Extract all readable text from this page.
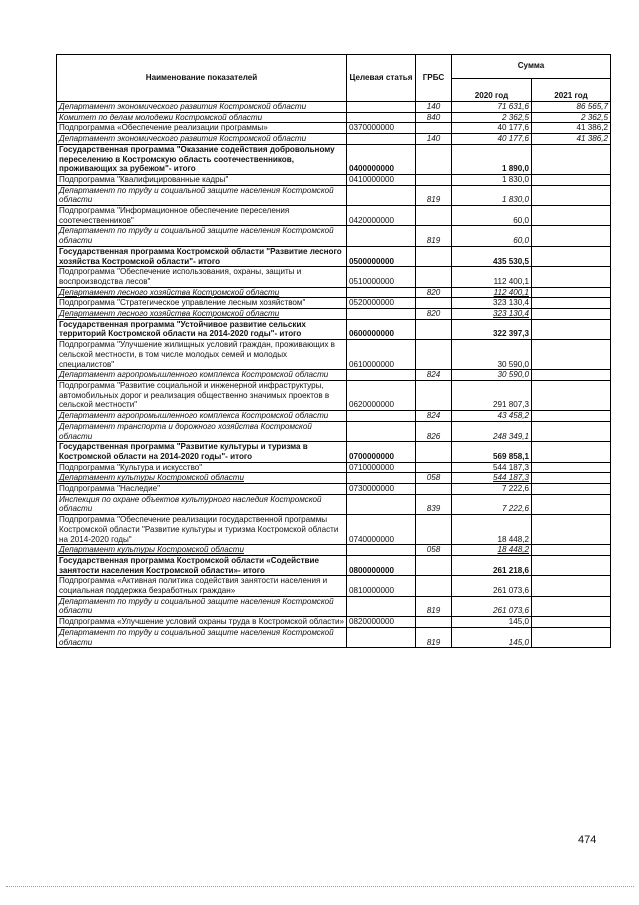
Наименование показателей	Целевая статья	ГРБС	Сумма	
			2020 год	2021 год
Департамент экономического развития Костромской области		140	71 631,6	86 565,7
Комитет по делам молодежи Костромской области		840	2 362,5	2 362,5
Подпрограмма «Обеспечение реализации программы»	0370000000		40 177,6	41 386,2
Департамент экономического развития Костромской области		140	40 177,6	41 386,2
Государственная программа "Оказание содействия добровольному переселению в Костромскую область соотечественников, проживающих за рубежом"- итого	0400000000		1 890,0	
Подпрограмма "Квалифицированные кадры"	0410000000		1 830,0	
Департамент по труду и социальной защите населения Костромской области		819	1 830,0	
Подпрограмма "Информационное обеспечение переселения соотечественников"	0420000000		60,0	
Департамент по труду и социальной защите населения Костромской области		819	60,0	
Государственная программа Костромской области "Развитие лесного хозяйства Костромской области"- итого	0500000000		435 530,5	
Подпрограмма "Обеспечение использования, охраны, защиты и воспроизводства лесов"	0510000000		112 400,1	
Департамент лесного хозяйства Костромской области		820	112 400,1	
Подпрограмма "Стратегическое управление лесным хозяйством"	0520000000		323 130,4	
Департамент лесного хозяйства Костромской области		820	323 130,4	
Государственная программа "Устойчивое развитие сельских территорий Костромской области на 2014-2020 годы"- итого	0600000000		322 397,3	
Подпрограмма "Улучшение жилищных условий граждан, проживающих в сельской местности, в том числе молодых семей и молодых специалистов"	0610000000		30 590,0	
Департамент агропромышленного комплекса Костромской области		824	30 590,0	
Подпрограмма "Развитие социальной и инженерной инфраструктуры, автомобильных дорог и реализация общественно значимых проектов в сельской местности"	0620000000		291 807,3	
Департамент агропромышленного комплекса Костромской области		824	43 458,2	
Департамент транспорта и дорожного хозяйства Костромской области		826	248 349,1	
Государственная программа "Развитие культуры и туризма в Костромской области на 2014-2020 годы"- итого	0700000000		569 858,1	
Подпрограмма "Культура и искусство"	0710000000		544 187,3	
Департамент культуры Костромской области		058	544 187,3	
Подпрограмма "Наследие"	0730000000		7 222,6	
Инспекция по охране объектов культурного наследия Костромской области		839	7 222,6	
Подпрограмма "Обеспечение реализации государственной программы Костромской области "Развитие культуры и туризма Костромской области на 2014-2020 годы"	0740000000		18 448,2	
Департамент культуры Костромской области		058	18 448,2	
Государственная программа Костромской области «Содействие занятости населения Костромской области»- итого	0800000000		261 218,6	
Подпрограмма «Активная политика содействия занятости населения и социальная поддержка безработных граждан»	0810000000		261 073,6	
Департамент по труду и социальной защите населения Костромской области		819	261 073,6	
Подпрограмма «Улучшение условий охраны труда в Костромской области»	0820000000		145,0	
Департамент по труду и социальной защите населения Костромской области		819	145,0	
474
